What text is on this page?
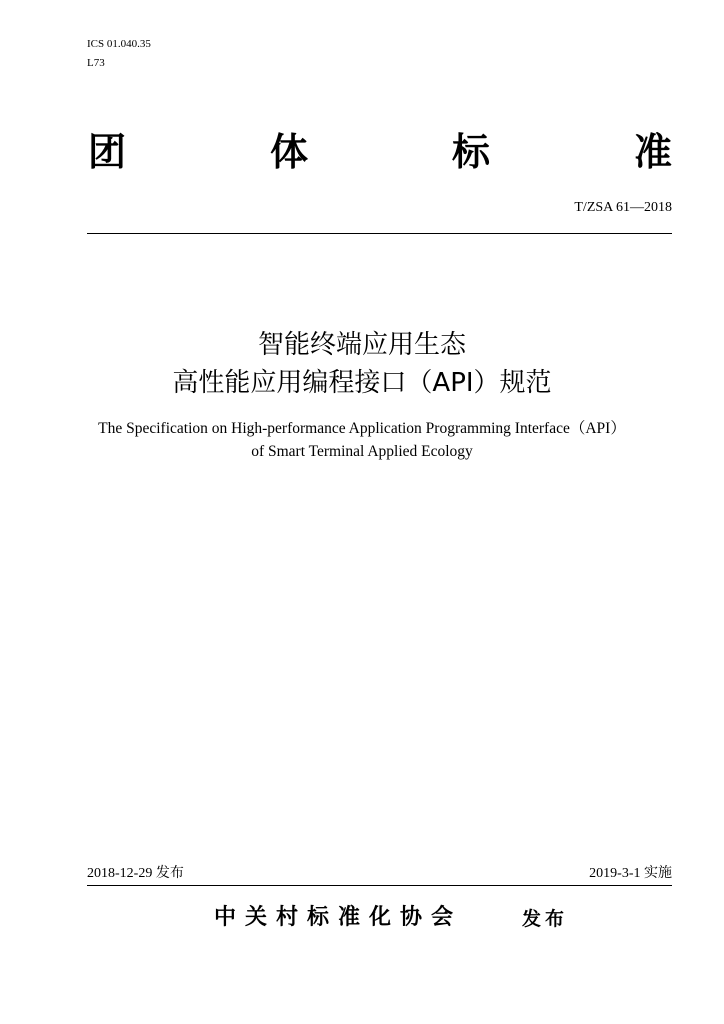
ICS 01.040.35
L73
团	体	标	准
T/ZSA 61—2018
智能终端应用生态
高性能应用编程接口（API）规范
The Specification on High-performance Application Programming Interface（API）
of Smart Terminal Applied Ecology
2018-12-29 发布	2019-3-1 实施
中关村标准化协会	发布
